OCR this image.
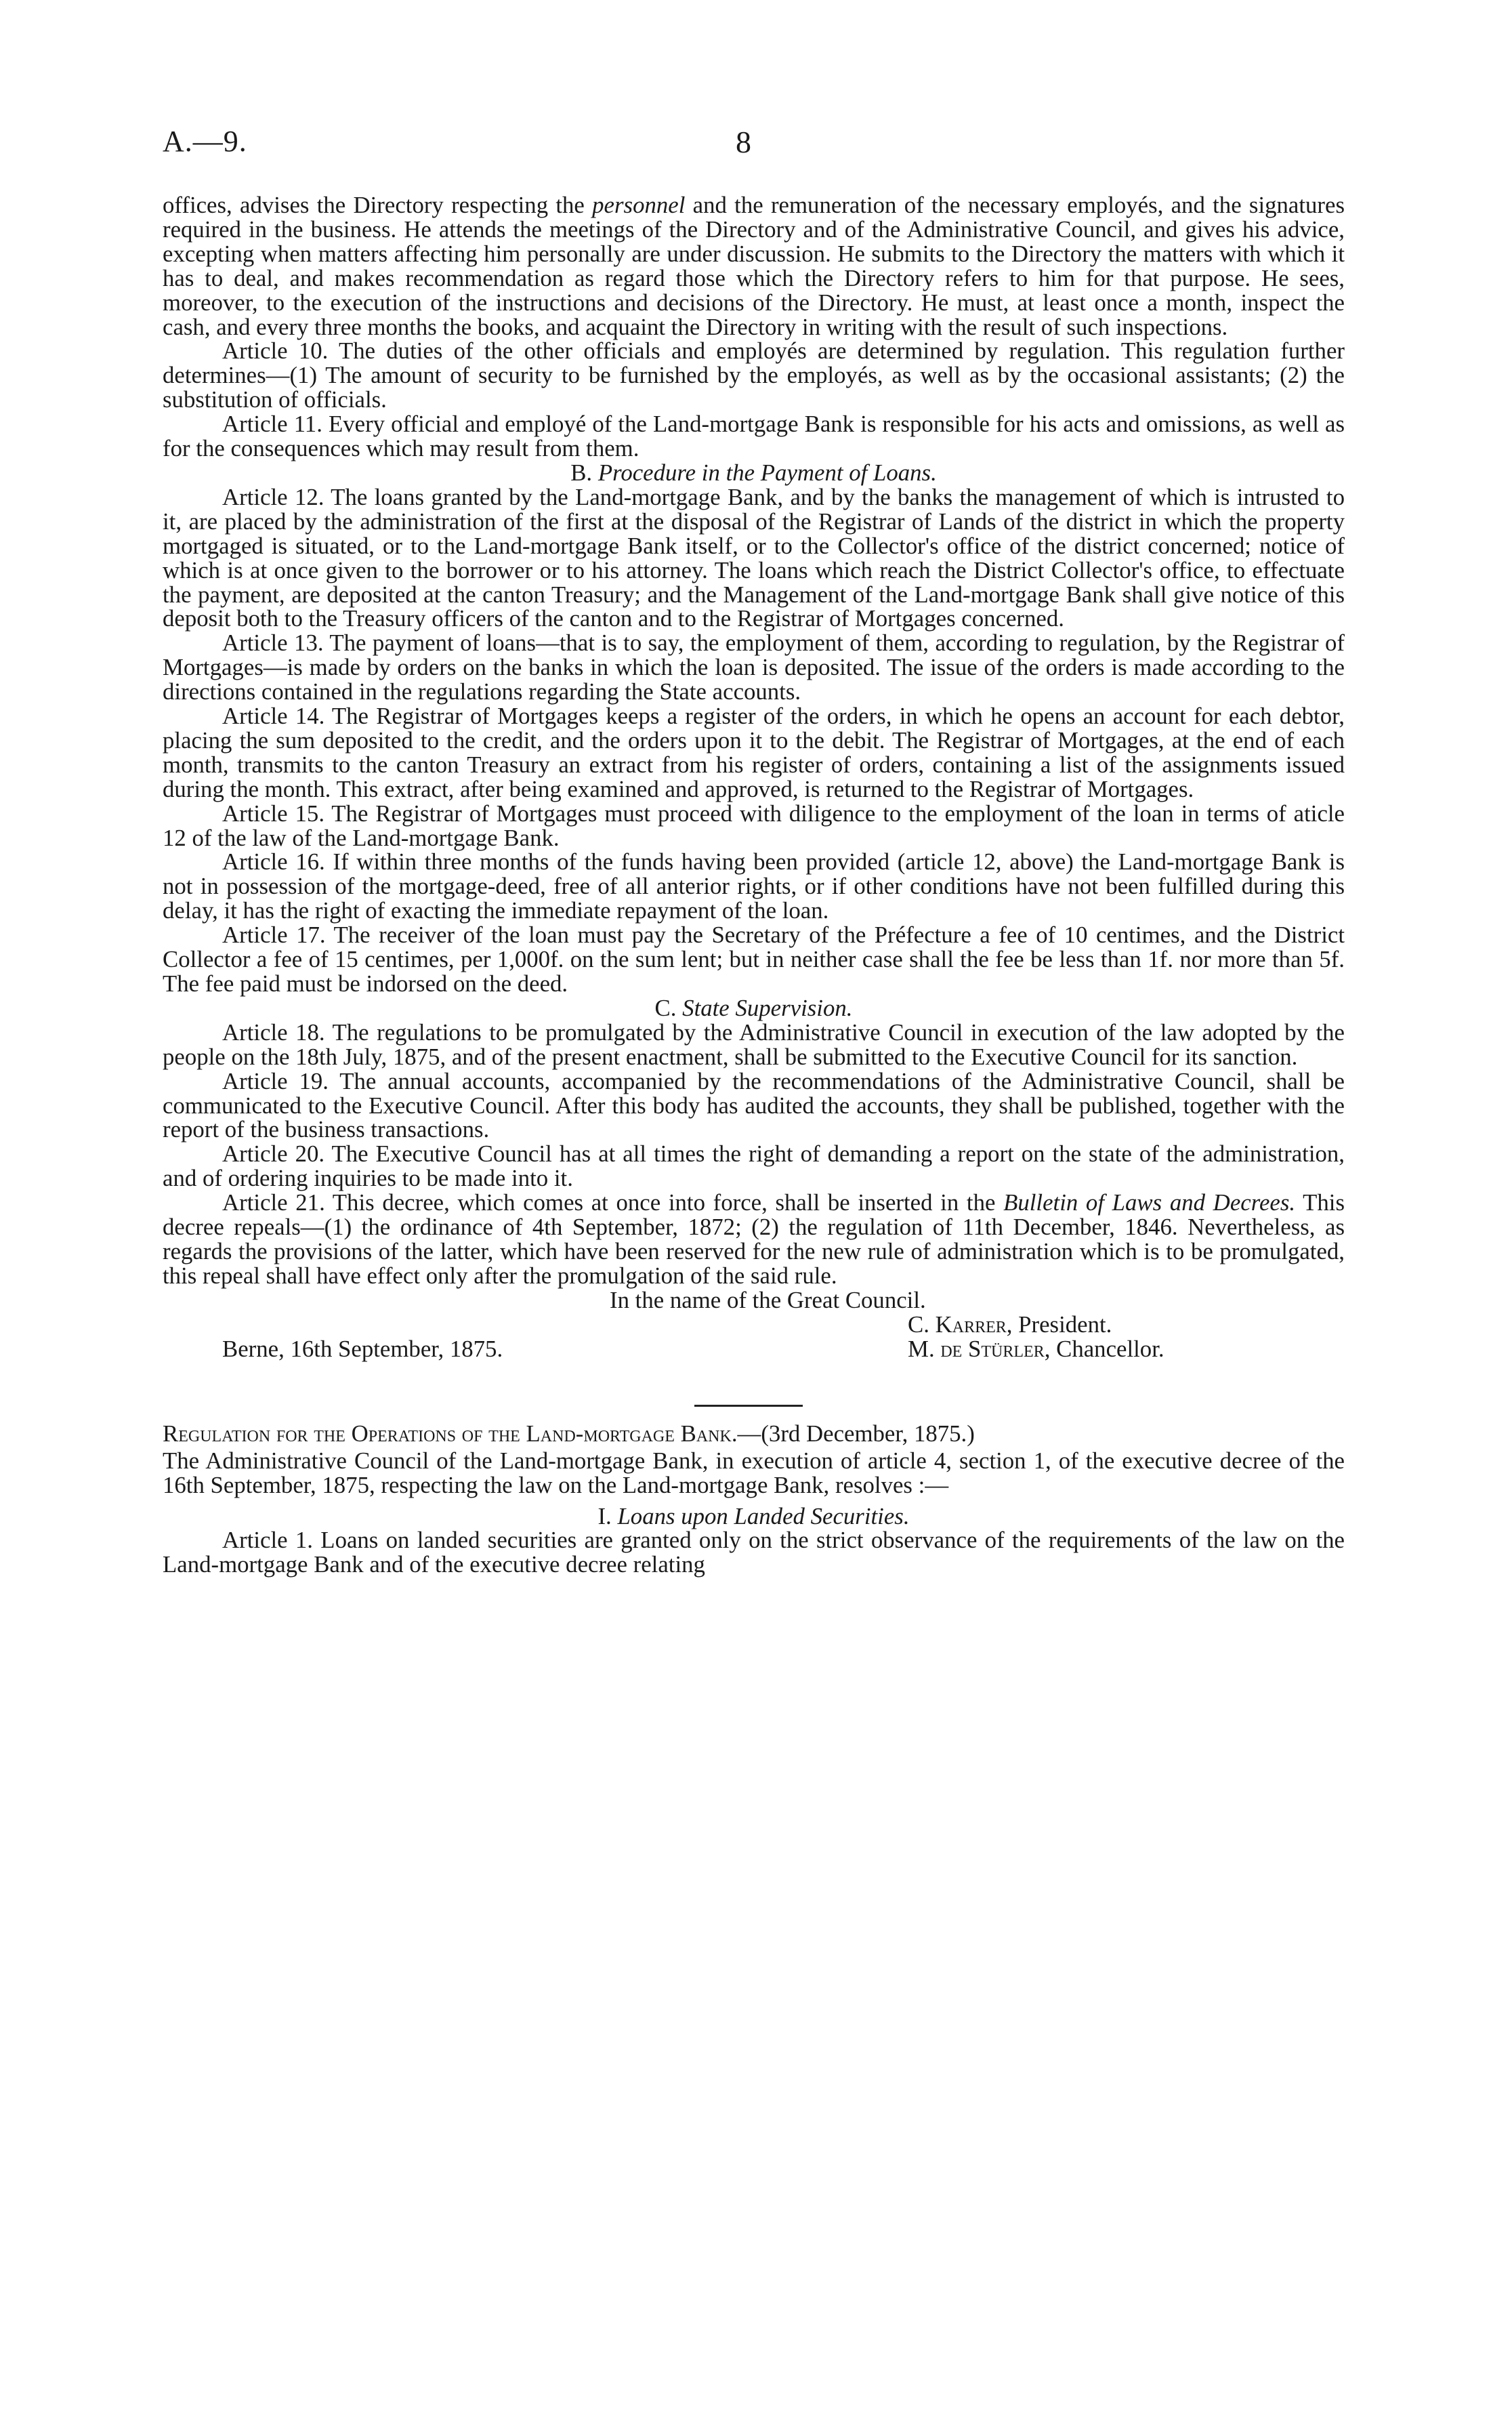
A.—9.	8

offices, advises the Directory respecting the personnel and the remuneration of the necessary employés, and the signatures required in the business. He attends the meetings of the Directory and of the Administrative Council, and gives his advice, excepting when matters affecting him personally are under discussion. He submits to the Directory the matters with which it has to deal, and makes recommendation as regard those which the Directory refers to him for that purpose. He sees, moreover, to the execution of the instructions and decisions of the Directory. He must, at least once a month, inspect the cash, and every three months the books, and acquaint the Directory in writing with the result of such inspections.

Article 10. The duties of the other officials and employés are determined by regulation. This regulation further determines—(1) The amount of security to be furnished by the employés, as well as by the occasional assistants; (2) the substitution of officials.

Article 11. Every official and employé of the Land-mortgage Bank is responsible for his acts and omissions, as well as for the consequences which may result from them.

B. Procedure in the Payment of Loans.

Article 12. The loans granted by the Land-mortgage Bank, and by the banks the management of which is intrusted to it, are placed by the administration of the first at the disposal of the Registrar of Lands of the district in which the property mortgaged is situated, or to the Land-mortgage Bank itself, or to the Collector's office of the district concerned; notice of which is at once given to the borrower or to his attorney. The loans which reach the District Collector's office, to effectuate the payment, are deposited at the canton Treasury; and the Management of the Land-mortgage Bank shall give notice of this deposit both to the Treasury officers of the canton and to the Registrar of Mortgages concerned.

Article 13. The payment of loans—that is to say, the employment of them, according to regulation, by the Registrar of Mortgages—is made by orders on the banks in which the loan is deposited. The issue of the orders is made according to the directions contained in the regulations regarding the State accounts.

Article 14. The Registrar of Mortgages keeps a register of the orders, in which he opens an account for each debtor, placing the sum deposited to the credit, and the orders upon it to the debit. The Registrar of Mortgages, at the end of each month, transmits to the canton Treasury an extract from his register of orders, containing a list of the assignments issued during the month. This extract, after being examined and approved, is returned to the Registrar of Mortgages.

Article 15. The Registrar of Mortgages must proceed with diligence to the employment of the loan in terms of aticle 12 of the law of the Land-mortgage Bank.

Article 16. If within three months of the funds having been provided (article 12, above) the Land-mortgage Bank is not in possession of the mortgage-deed, free of all anterior rights, or if other conditions have not been fulfilled during this delay, it has the right of exacting the immediate repayment of the loan.

Article 17. The receiver of the loan must pay the Secretary of the Préfecture a fee of 10 centimes, and the District Collector a fee of 15 centimes, per 1,000f. on the sum lent; but in neither case shall the fee be less than 1f. nor more than 5f. The fee paid must be indorsed on the deed.

C. State Supervision.

Article 18. The regulations to be promulgated by the Administrative Council in execution of the law adopted by the people on the 18th July, 1875, and of the present enactment, shall be submitted to the Executive Council for its sanction.

Article 19. The annual accounts, accompanied by the recommendations of the Administrative Council, shall be communicated to the Executive Council. After this body has audited the accounts, they shall be published, together with the report of the business transactions.

Article 20. The Executive Council has at all times the right of demanding a report on the state of the administration, and of ordering inquiries to be made into it.

Article 21. This decree, which comes at once into force, shall be inserted in the Bulletin of Laws and Decrees. This decree repeals—(1) the ordinance of 4th September, 1872; (2) the regulation of 11th December, 1846. Nevertheless, as regards the provisions of the latter, which have been reserved for the new rule of administration which is to be promulgated, this repeal shall have effect only after the promulgation of the said rule.

In the name of the Great Council.
C. Karrer, President.
Berne, 16th September, 1875.	M. de Stürler, Chancellor.

Regulation for the Operations of the Land-mortgage Bank.—(3rd December, 1875.)

The Administrative Council of the Land-mortgage Bank, in execution of article 4, section 1, of the executive decree of the 16th September, 1875, respecting the law on the Land-mortgage Bank, resolves :—

I. Loans upon Landed Securities.

Article 1. Loans on landed securities are granted only on the strict observance of the requirements of the law on the Land-mortgage Bank and of the executive decree relating
